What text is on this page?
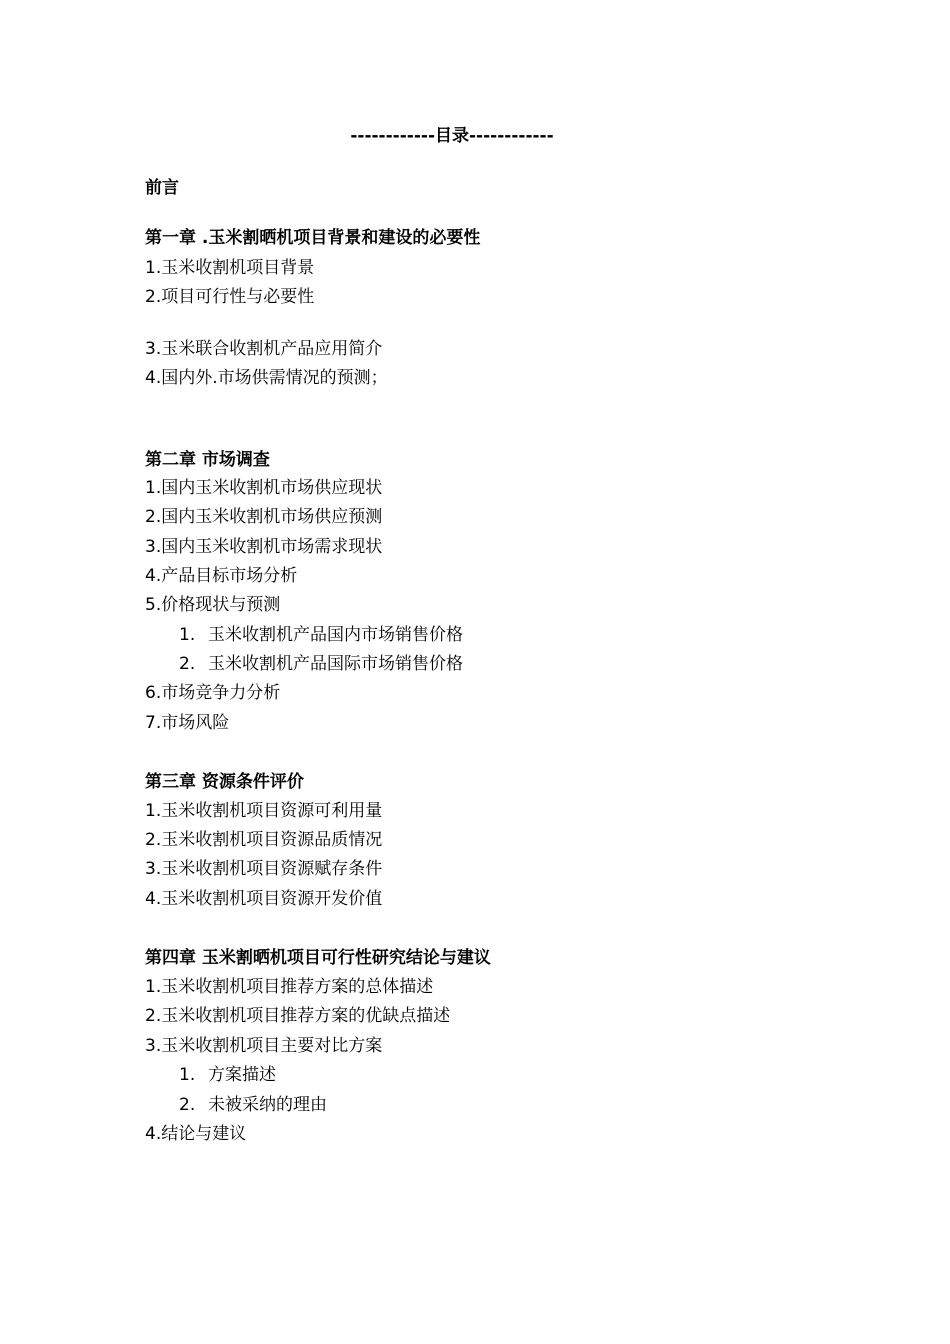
------------目录------------
前言
第一章 .玉米割晒机项目背景和建设的必要性
1.玉米收割机项目背景
2.项目可行性与必要性
3.玉米联合收割机产品应用简介
4.国内外.市场供需情况的预测；
第二章 市场调查
1.国内玉米收割机市场供应现状
2.国内玉米收割机市场供应预测
3.国内玉米收割机市场需求现状
4.产品目标市场分析
5.价格现状与预测
1. 玉米收割机产品国内市场销售价格
2. 玉米收割机产品国际市场销售价格
6.市场竞争力分析
7.市场风险
第三章 资源条件评价
1.玉米收割机项目资源可利用量
2.玉米收割机项目资源品质情况
3.玉米收割机项目资源赋存条件
4.玉米收割机项目资源开发价值
第四章 玉米割晒机项目可行性研究结论与建议
1.玉米收割机项目推荐方案的总体描述
2.玉米收割机项目推荐方案的优缺点描述
3.玉米收割机项目主要对比方案
1. 方案描述
2. 未被采纳的理由
4.结论与建议
